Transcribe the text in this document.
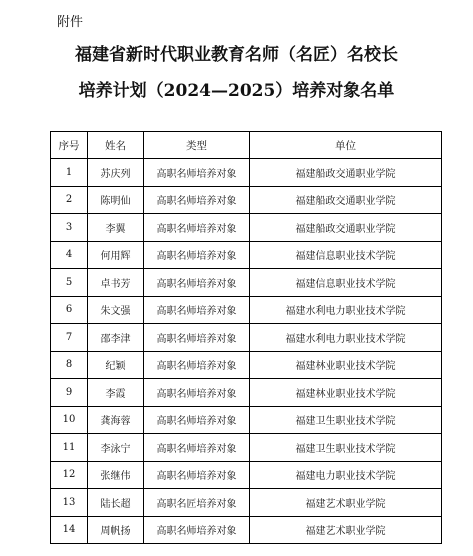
附件
福建省新时代职业教育名师（名匠）名校长
培养计划（2024—2025）培养对象名单
序号	姓名	类型	单位
1	苏庆列	高职名师培养对象	福建船政交通职业学院
2	陈明仙	高职名师培养对象	福建船政交通职业学院
3	李翼	高职名师培养对象	福建船政交通职业学院
4	何用辉	高职名师培养对象	福建信息职业技术学院
5	卓书芳	高职名师培养对象	福建信息职业技术学院
6	朱文强	高职名师培养对象	福建水利电力职业技术学院
7	邵李津	高职名师培养对象	福建水利电力职业技术学院
8	纪颖	高职名师培养对象	福建林业职业技术学院
9	李霞	高职名师培养对象	福建林业职业技术学院
10	龚海蓉	高职名师培养对象	福建卫生职业技术学院
11	李泳宁	高职名师培养对象	福建卫生职业技术学院
12	张继伟	高职名师培养对象	福建电力职业技术学院
13	陆长超	高职名匠培养对象	福建艺术职业学院
14	周帆扬	高职名师培养对象	福建艺术职业学院
